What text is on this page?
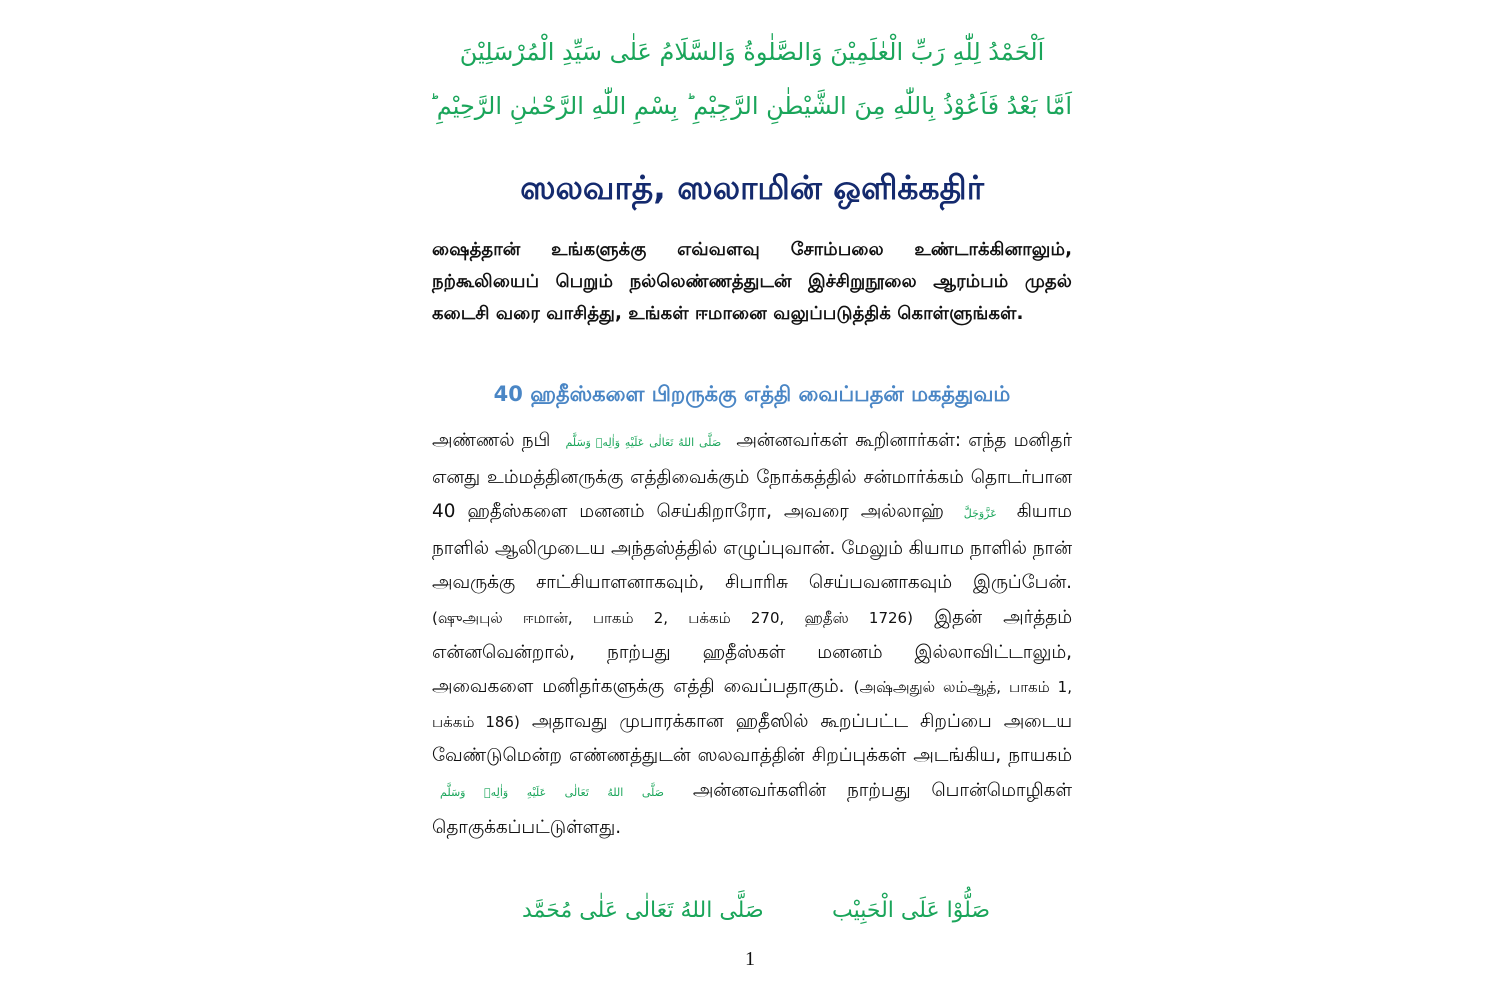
اَلْحَمْدُ لِلّٰهِ رَبِّ الْعٰلَمِيْنَ وَالصَّلٰوةُ وَالسَّلَامُ عَلٰى سَيِّدِ الْمُرْسَلِيْنَ
اَمَّا بَعْدُ فَاَعُوْذُ بِاللّٰهِ مِنَ الشَّيْطٰنِ الرَّجِيْمِ ؕ بِسْمِ اللّٰهِ الرَّحْمٰنِ الرَّحِيْمِ ؕ
ஸலவாத், ஸலாமின் ஒளிக்கதிர்
ஷைத்தான் உங்களுக்கு எவ்வளவு சோம்பலை உண்டாக்கினாலும், நற்கூலியைப் பெறும் நல்லெண்ணத்துடன் இச்சிறுநூலை ஆரம்பம் முதல் கடைசி வரை வாசித்து, உங்கள் ஈமானை வலுப்படுத்திக் கொள்ளுங்கள்.
40 ஹதீஸ்களை பிறருக்கு எத்தி வைப்பதன் மகத்துவம்
அண்ணல் நபி صَلَّى اللهُ تَعَالٰى عَلَيْهِ وَاٰلِهٖ وَسَلَّم அன்னவர்கள் கூறினார்கள்: எந்த மனிதர் எனது உம்மத்தினருக்கு எத்திவைக்கும் நோக்கத்தில் சன்மார்க்கம் தொடர்பான 40 ஹதீஸ்களை மனனம் செய்கிறாரோ, அவரை அல்லாஹ் عَزَّوَجَلَّ கியாம நாளில் ஆலிமுடைய அந்தஸ்த்தில் எழுப்புவான். மேலும் கியாம நாளில் நான் அவருக்கு சாட்சியாளனாகவும், சிபாரிசு செய்பவனாகவும் இருப்பேன். (ஷுஅபுல் ஈமான், பாகம் 2, பக்கம் 270, ஹதீஸ் 1726) இதன் அர்த்தம் என்னவென்றால், நாற்பது ஹதீஸ்கள் மனனம் இல்லாவிட்டாலும், அவைகளை மனிதர்களுக்கு எத்தி வைப்பதாகும். (அஷ்அதுல் லம்ஆத், பாகம் 1, பக்கம் 186) அதாவது முபாரக்கான ஹதீஸில் கூறப்பட்ட சிறப்பை அடைய வேண்டுமென்ற எண்ணத்துடன் ஸலவாத்தின் சிறப்புக்கள் அடங்கிய, நாயகம் صَلَّى اللهُ تَعَالٰى عَلَيْهِ وَاٰلِهٖ وَسَلَّم அன்னவர்களின் நாற்பது பொன்மொழிகள் தொகுக்கப்பட்டுள்ளது.
صَلَّى اللهُ تَعَالٰى عَلٰى مُحَمَّد	صَلُّوْا عَلَى الْحَبِيْب
1
